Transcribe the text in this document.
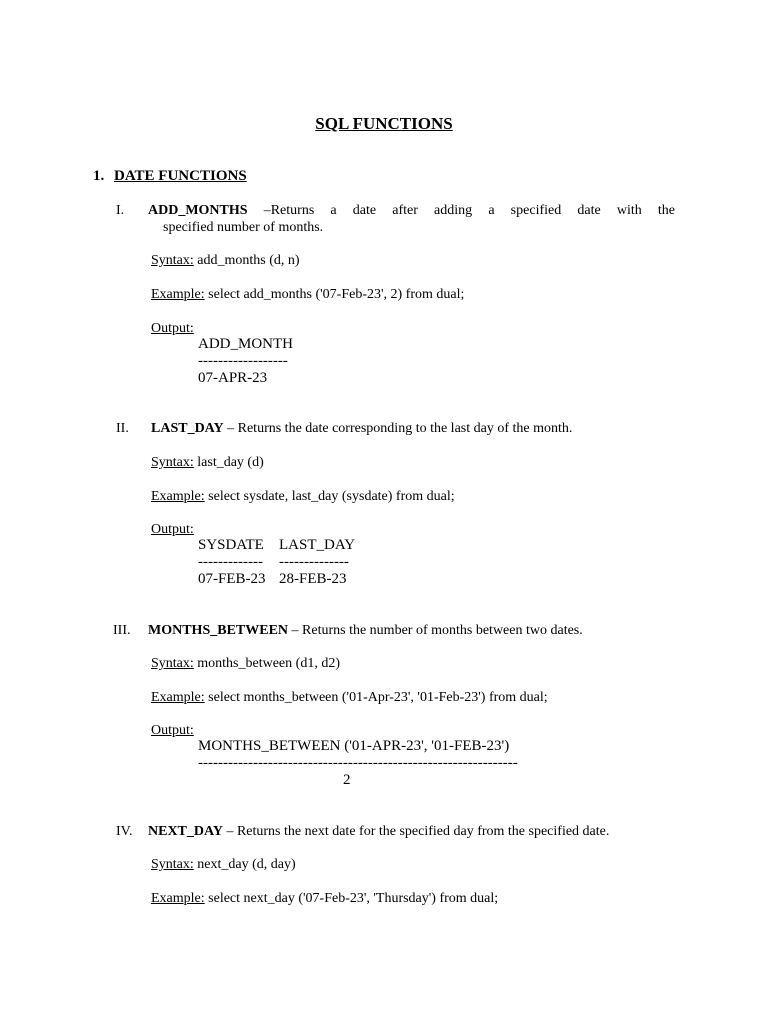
SQL FUNCTIONS
1. DATE FUNCTIONS
I. ADD_MONTHS –Returns a date after adding a specified date with the
specified number of months.
Syntax: add_months (d, n)
Example: select add_months ('07-Feb-23', 2) from dual;
Output:
ADD_MONTH
------------------
07-APR-23
II. LAST_DAY – Returns the date corresponding to the last day of the month.
Syntax: last_day (d)
Example: select sysdate, last_day (sysdate) from dual;
Output:
SYSDATE
-------------
07-FEB-23
LAST_DAY
--------------
28-FEB-23
III. MONTHS_BETWEEN – Returns the number of months between two dates.
Syntax: months_between (d1, d2)
Example: select months_between ('01-Apr-23', '01-Feb-23') from dual;
Output:
MONTHS_BETWEEN ('01-APR-23', '01-FEB-23')
----------------------------------------------------------------
2
IV. NEXT_DAY – Returns the next date for the specified day from the specified date.
Syntax: next_day (d, day)
Example: select next_day ('07-Feb-23', 'Thursday') from dual;
